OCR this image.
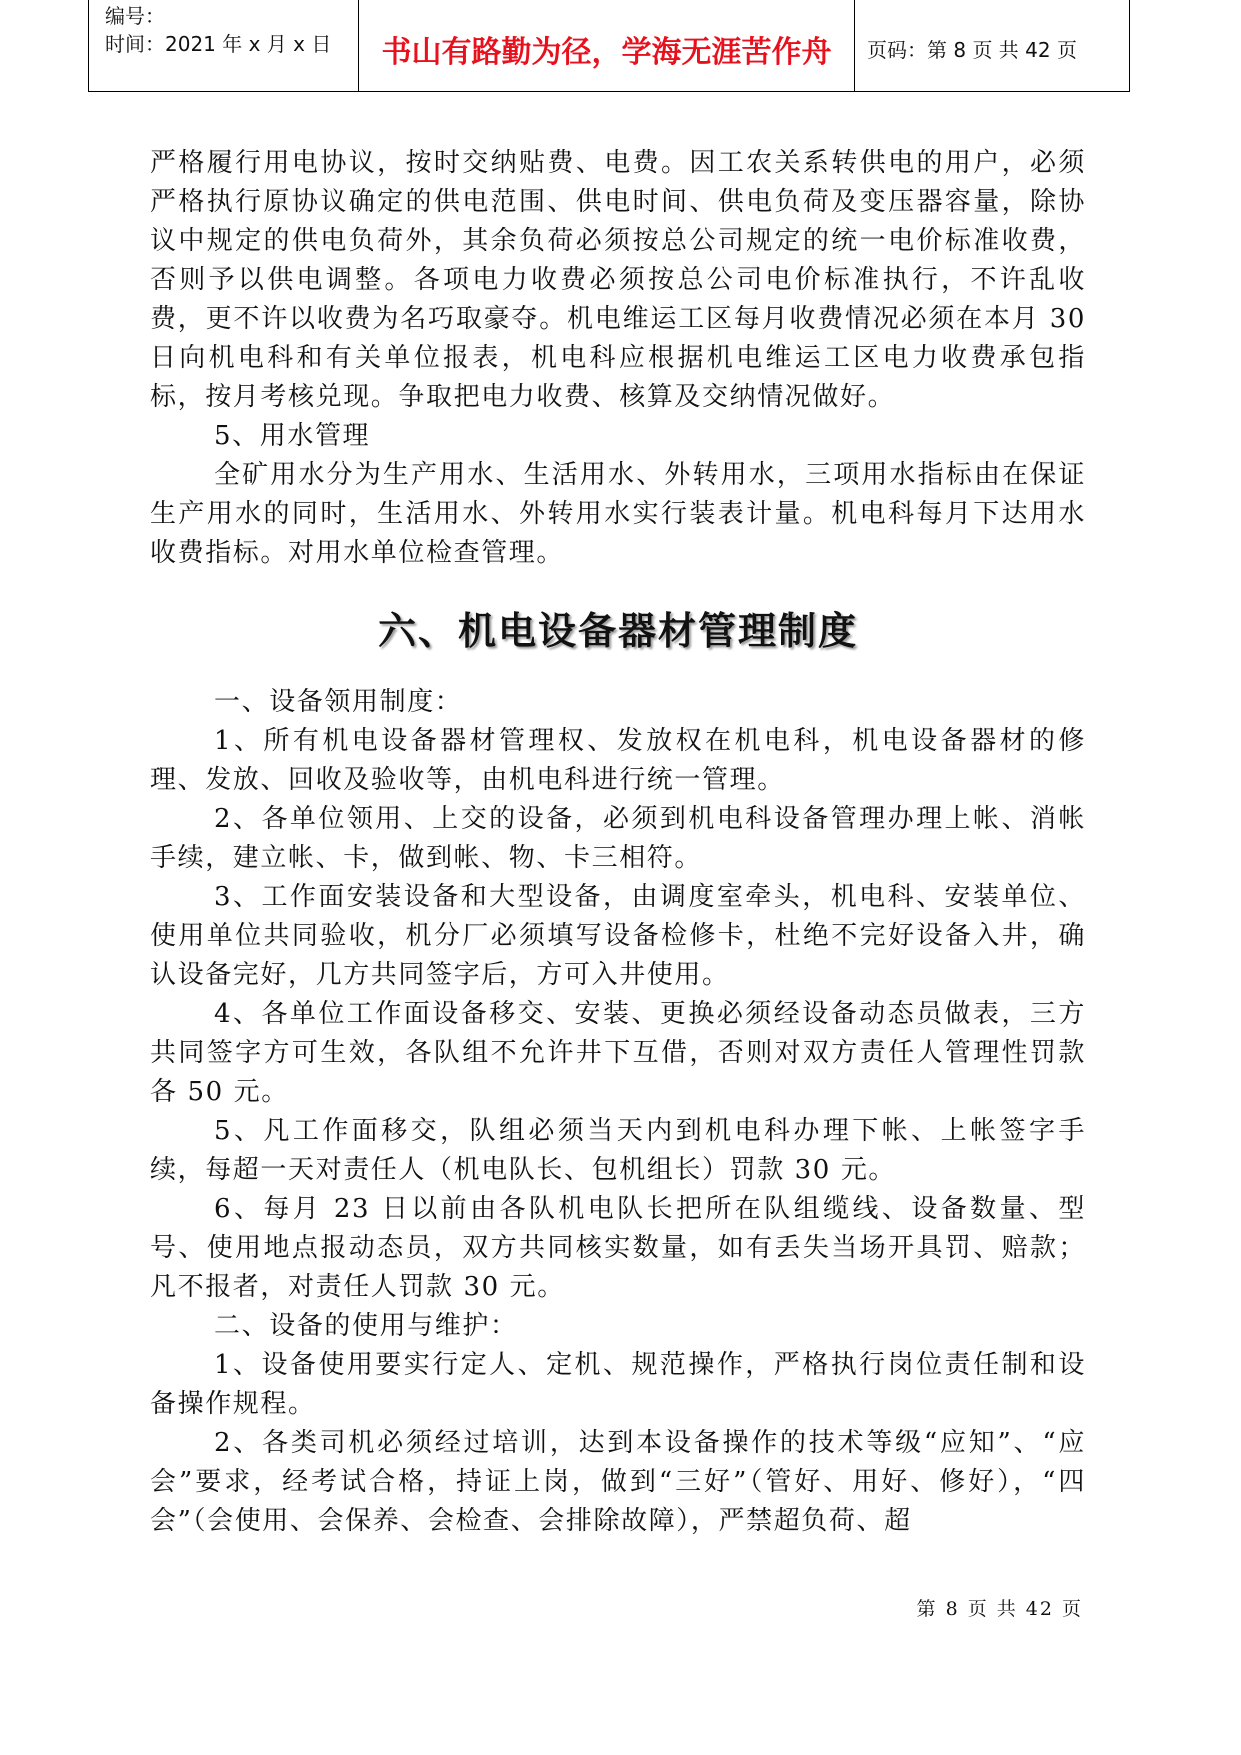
编号：
时间：2021 年 x 月 x 日	书山有路勤为径，学海无涯苦作舟	页码：第 8 页 共 42 页

严格履行用电协议，按时交纳贴费、电费。因工农关系转供电的用户，必须严格执行原协议确定的供电范围、供电时间、供电负荷及变压器容量，除协议中规定的供电负荷外，其余负荷必须按总公司规定的统一电价标准收费，否则予以供电调整。各项电力收费必须按总公司电价标准执行，不许乱收费，更不许以收费为名巧取豪夺。机电维运工区每月收费情况必须在本月 30 日向机电科和有关单位报表，机电科应根据机电维运工区电力收费承包指标，按月考核兑现。争取把电力收费、核算及交纳情况做好。

5、用水管理

全矿用水分为生产用水、生活用水、外转用水，三项用水指标由在保证生产用水的同时，生活用水、外转用水实行装表计量。机电科每月下达用水收费指标。对用水单位检查管理。

六、机电设备器材管理制度

一、设备领用制度：

1、所有机电设备器材管理权、发放权在机电科，机电设备器材的修理、发放、回收及验收等，由机电科进行统一管理。

2、各单位领用、上交的设备，必须到机电科设备管理办理上帐、消帐手续，建立帐、卡，做到帐、物、卡三相符。

3、工作面安装设备和大型设备，由调度室牵头，机电科、安装单位、使用单位共同验收，机分厂必须填写设备检修卡，杜绝不完好设备入井，确认设备完好，几方共同签字后，方可入井使用。

4、各单位工作面设备移交、安装、更换必须经设备动态员做表，三方共同签字方可生效，各队组不允许井下互借，否则对双方责任人管理性罚款各 50 元。

5、凡工作面移交，队组必须当天内到机电科办理下帐、上帐签字手续，每超一天对责任人（机电队长、包机组长）罚款 30 元。

6、每月 23 日以前由各队机电队长把所在队组缆线、设备数量、型号、使用地点报动态员，双方共同核实数量，如有丢失当场开具罚、赔款；凡不报者，对责任人罚款 30 元。

二、设备的使用与维护：

1、设备使用要实行定人、定机、规范操作，严格执行岗位责任制和设备操作规程。

2、各类司机必须经过培训，达到本设备操作的技术等级“应知”、“应会”要求，经考试合格，持证上岗，做到“三好”（管好、用好、修好），“四会”（会使用、会保养、会检查、会排除故障），严禁超负荷、超

第 8 页 共 42 页
